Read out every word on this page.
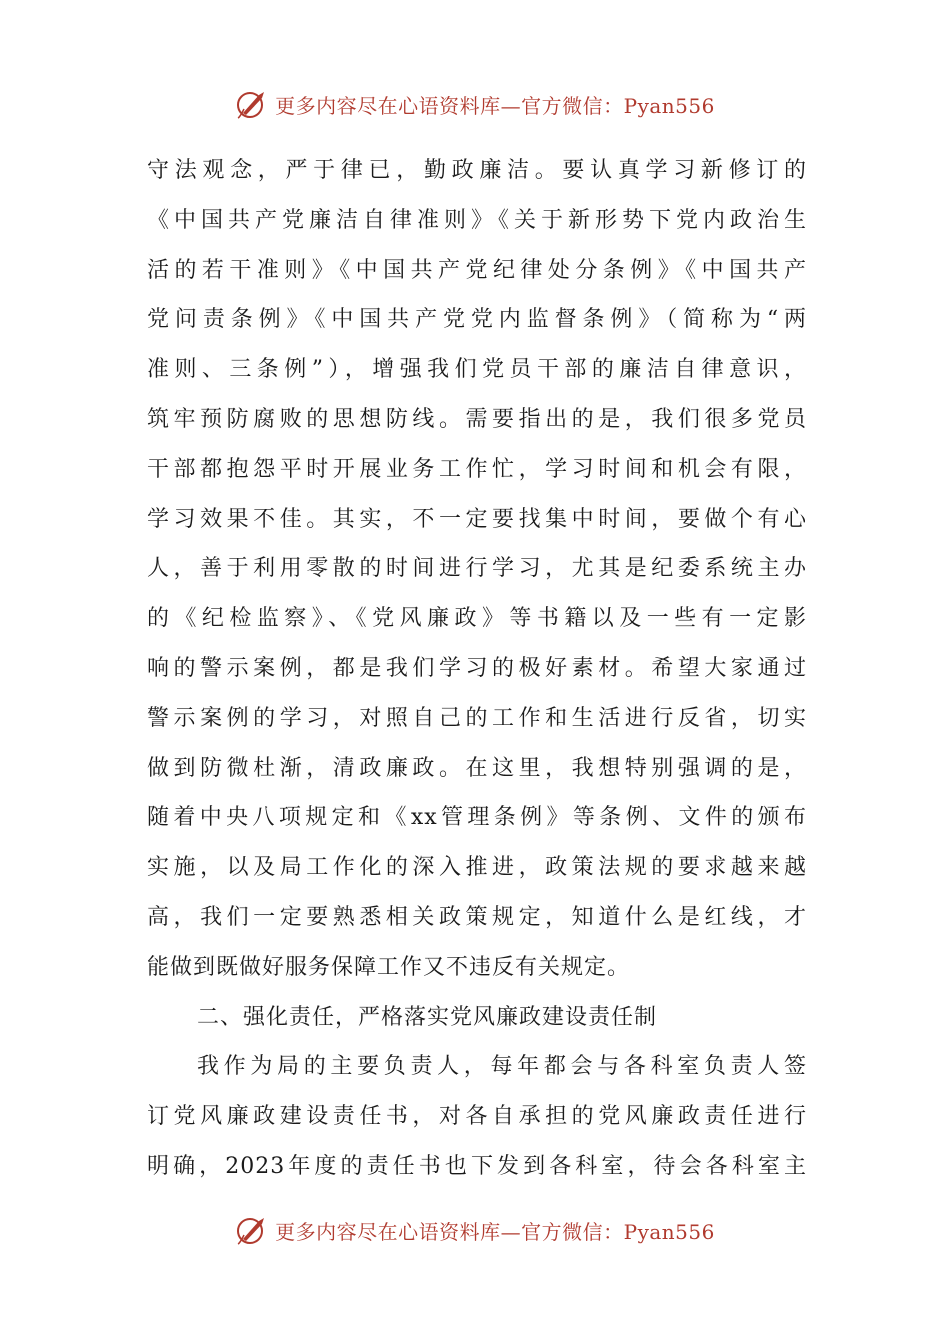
更多内容尽在心语资料库—官方微信：Pyan556
守法观念，严于律已，勤政廉洁。要认真学习新修订的
《中国共产党廉洁自律准则》《关于新形势下党内政治生
活的若干准则》《中国共产党纪律处分条例》《中国共产
党问责条例》《中国共产党党内监督条例》（简称为“两
准则、三条例”），增强我们党员干部的廉洁自律意识，
筑牢预防腐败的思想防线。需要指出的是，我们很多党员
干部都抱怨平时开展业务工作忙，学习时间和机会有限，
学习效果不佳。其实，不一定要找集中时间，要做个有心
人，善于利用零散的时间进行学习，尤其是纪委系统主办
的《纪检监察》、《党风廉政》等书籍以及一些有一定影
响的警示案例，都是我们学习的极好素材。希望大家通过
警示案例的学习，对照自己的工作和生活进行反省，切实
做到防微杜渐，清政廉政。在这里，我想特别强调的是，
随着中央八项规定和《xx管理条例》等条例、文件的颁布
实施，以及局工作化的深入推进，政策法规的要求越来越
高，我们一定要熟悉相关政策规定，知道什么是红线，才
能做到既做好服务保障工作又不违反有关规定。
二、强化责任，严格落实党风廉政建设责任制
我作为局的主要负责人，每年都会与各科室负责人签
订党风廉政建设责任书，对各自承担的党风廉政责任进行
明确，2023年度的责任书也下发到各科室，待会各科室主
更多内容尽在心语资料库—官方微信：Pyan556
